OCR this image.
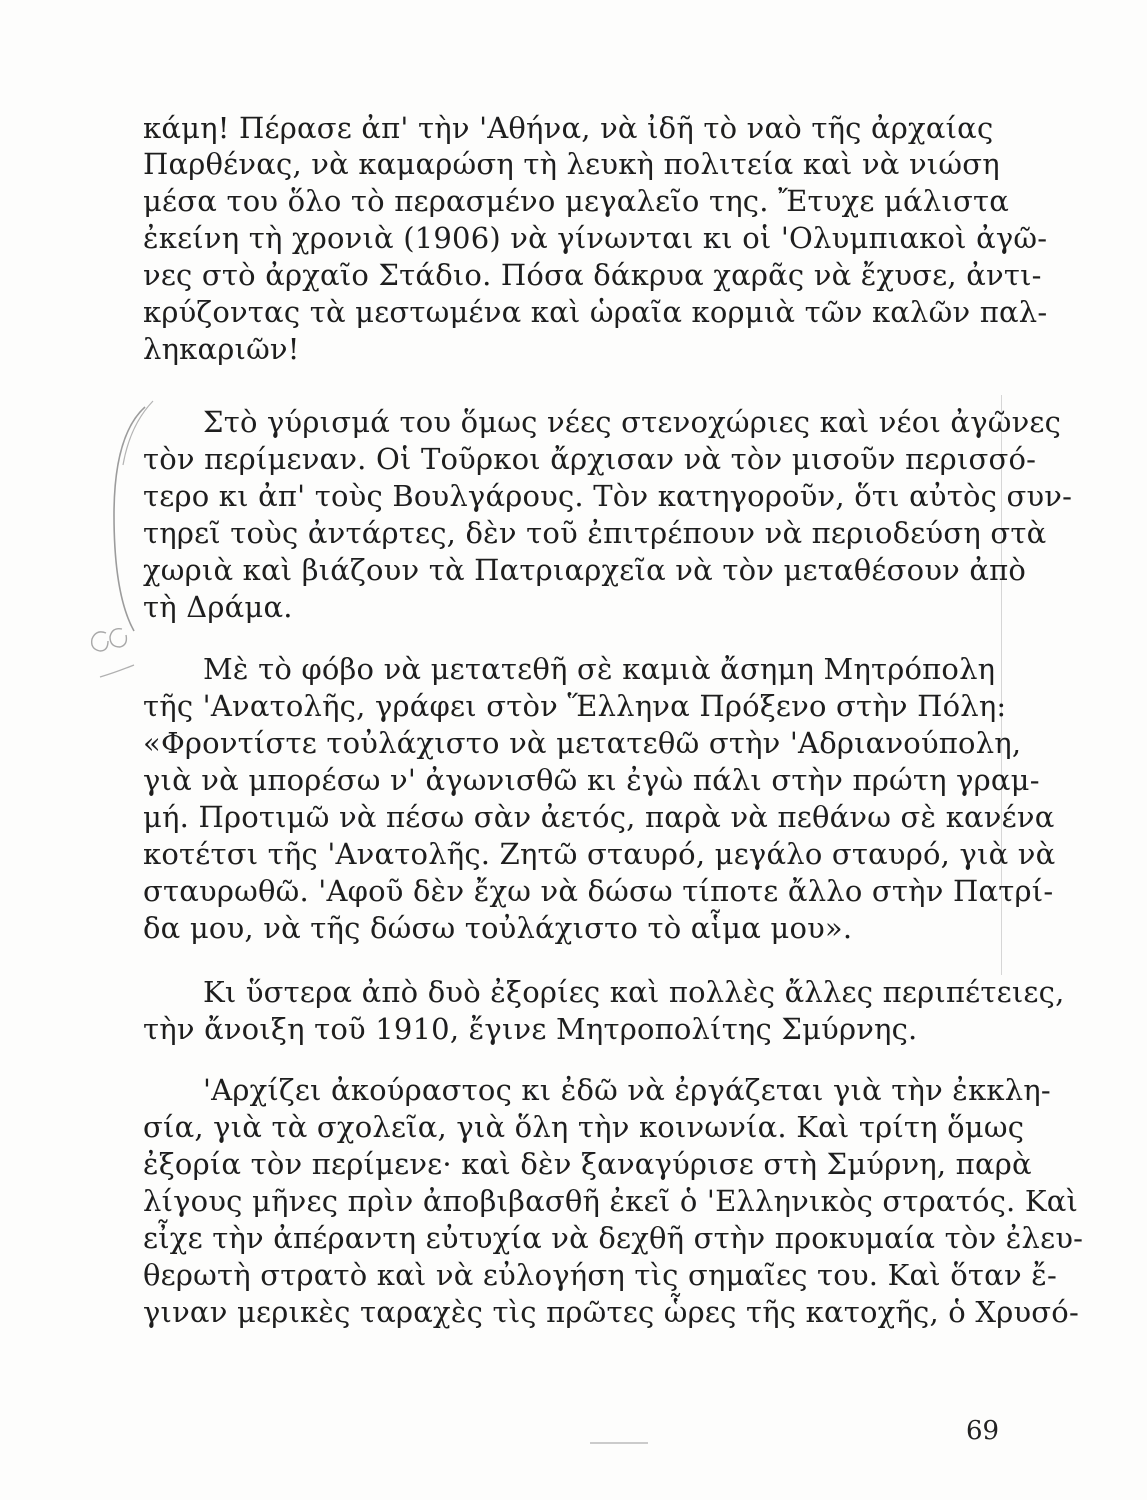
κάμη! Πέρασε ἀπ' τὴν 'Αθήνα, νὰ ἰδῆ τὸ ναὸ τῆς ἀρχαίας
Παρθένας, νὰ καμαρώση τὴ λευκὴ πολιτεία καὶ νὰ νιώση
μέσα του ὅλο τὸ περασμένο μεγαλεῖο της. Ἔτυχε μάλιστα
ἐκείνη τὴ χρονιὰ (1906) νὰ γίνωνται κι οἱ 'Ολυμπιακοὶ ἀγῶ-
νες στὸ ἀρχαῖο Στάδιο. Πόσα δάκρυα χαρᾶς νὰ ἔχυσε, ἀντι-
κρύζοντας τὰ μεστωμένα καὶ ὡραῖα κορμιὰ τῶν καλῶν παλ-
ληκαριῶν!
Στὸ γύρισμά του ὅμως νέες στενοχώριες καὶ νέοι ἀγῶνες
τὸν περίμεναν. Οἱ Τοῦρκοι ἄρχισαν νὰ τὸν μισοῦν περισσό-
τερο κι ἀπ' τοὺς Βουλγάρους. Τὸν κατηγοροῦν, ὅτι αὐτὸς συν-
τηρεῖ τοὺς ἀντάρτες, δὲν τοῦ ἐπιτρέπουν νὰ περιοδεύση στὰ
χωριὰ καὶ βιάζουν τὰ Πατριαρχεῖα νὰ τὸν μεταθέσουν ἀπὸ
τὴ Δράμα.
Μὲ τὸ φόβο νὰ μετατεθῆ σὲ καμιὰ ἄσημη Μητρόπολη
τῆς 'Ανατολῆς, γράφει στὸν Ἕλληνα Πρόξενο στὴν Πόλη:
«Φροντίστε τοὐλάχιστο νὰ μετατεθῶ στὴν 'Αδριανούπολη,
γιὰ νὰ μπορέσω ν' ἀγωνισθῶ κι ἐγὼ πάλι στὴν πρώτη γραμ-
μή. Προτιμῶ νὰ πέσω σὰν ἀετός, παρὰ νὰ πεθάνω σὲ κανένα
κοτέτσι τῆς 'Ανατολῆς. Ζητῶ σταυρό, μεγάλο σταυρό, γιὰ νὰ
σταυρωθῶ. 'Αφοῦ δὲν ἔχω νὰ δώσω τίποτε ἄλλο στὴν Πατρί-
δα μου, νὰ τῆς δώσω τοὐλάχιστο τὸ αἷμα μου».
Κι ὕστερα ἀπὸ δυὸ ἐξορίες καὶ πολλὲς ἄλλες περιπέτειες,
τὴν ἄνοιξη τοῦ 1910, ἔγινε Μητροπολίτης Σμύρνης.
'Αρχίζει ἀκούραστος κι ἐδῶ νὰ ἐργάζεται γιὰ τὴν ἐκκλη-
σία, γιὰ τὰ σχολεῖα, γιὰ ὅλη τὴν κοινωνία. Καὶ τρίτη ὅμως
ἐξορία τὸν περίμενε· καὶ δὲν ξαναγύρισε στὴ Σμύρνη, παρὰ
λίγους μῆνες πρὶν ἀποβιβασθῆ ἐκεῖ ὁ 'Ελληνικὸς στρατός. Καὶ
εἶχε τὴν ἀπέραντη εὐτυχία νὰ δεχθῆ στὴν προκυμαία τὸν ἐλευ-
θερωτὴ στρατὸ καὶ νὰ εὐλογήση τὶς σημαῖες του. Καὶ ὅταν ἔ-
γιναν μερικὲς ταραχὲς τὶς πρῶτες ὧρες τῆς κατοχῆς, ὁ Χρυσό-
69
